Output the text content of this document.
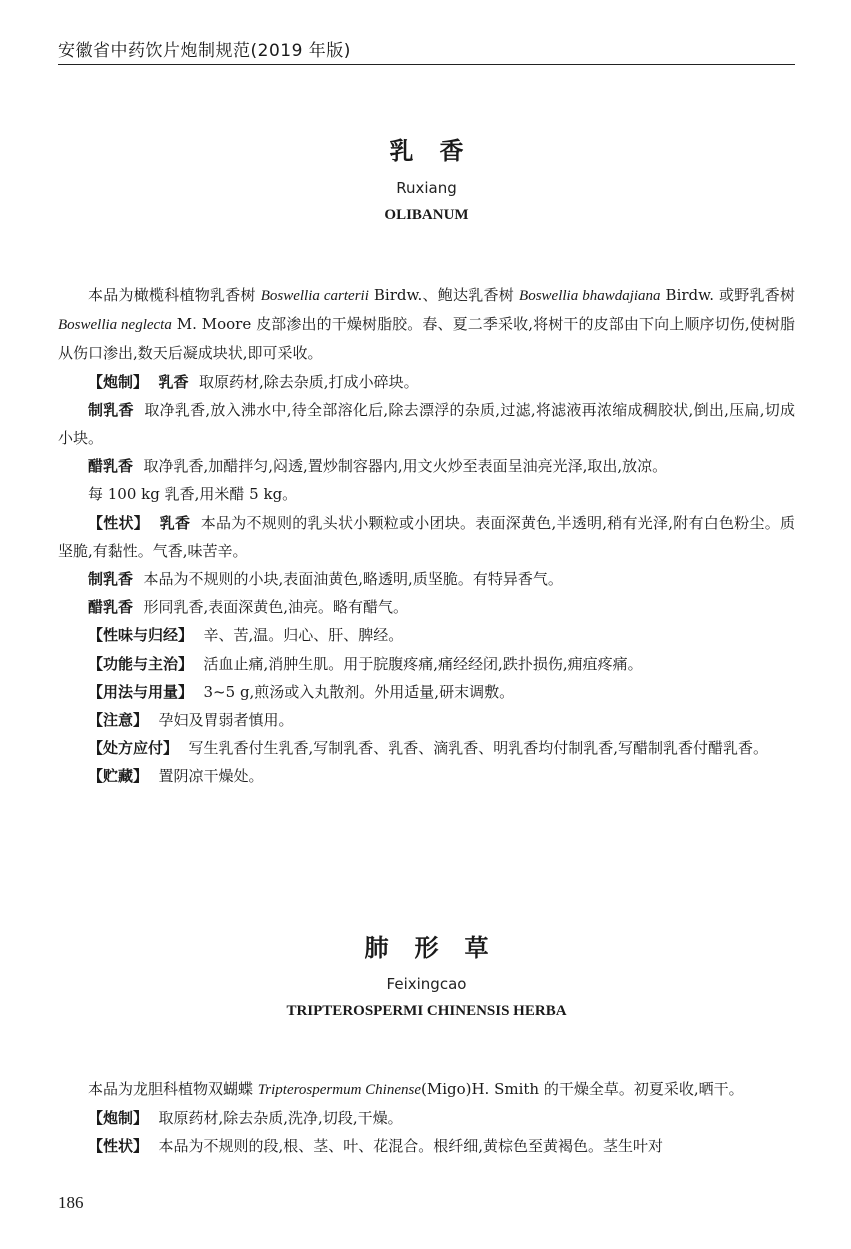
安徽省中药饮片炮制规范(2019 年版)
乳香
Ruxiang
OLIBANUM

本品为橄榄科植物乳香树 Boswellia carterii Birdw.、鲍达乳香树 Boswellia bhawdajiana Birdw. 或野乳香树 Boswellia neglecta M. Moore 皮部渗出的干燥树脂胶。春、夏二季采收,将树干的皮部由下向上顺序切伤,使树脂从伤口渗出,数天后凝成块状,即可采收。

【炮制】 乳香 取原药材,除去杂质,打成小碎块。

制乳香 取净乳香,放入沸水中,待全部溶化后,除去漂浮的杂质,过滤,将滤液再浓缩成稠胶状,倒出,压扁,切成小块。

醋乳香 取净乳香,加醋拌匀,闷透,置炒制容器内,用文火炒至表面呈油亮光泽,取出,放凉。

每 100 kg 乳香,用米醋 5 kg。

【性状】 乳香 本品为不规则的乳头状小颗粒或小团块。表面深黄色,半透明,稍有光泽,附有白色粉尘。质坚脆,有黏性。气香,味苦辛。

制乳香 本品为不规则的小块,表面油黄色,略透明,质坚脆。有特异香气。

醋乳香 形同乳香,表面深黄色,油亮。略有醋气。

【性味与归经】 辛、苦,温。归心、肝、脾经。

【功能与主治】 活血止痛,消肿生肌。用于脘腹疼痛,痛经经闭,跌扑损伤,痈疽疼痛。

【用法与用量】 3~5 g,煎汤或入丸散剂。外用适量,研末调敷。

【注意】 孕妇及胃弱者慎用。

【处方应付】 写生乳香付生乳香,写制乳香、乳香、滴乳香、明乳香均付制乳香,写醋制乳香付醋乳香。

【贮藏】 置阴凉干燥处。

肺形草
Feixingcao
TRIPTEROSPERMI CHINENSIS HERBA

本品为龙胆科植物双蝴蝶 Tripterospermum Chinense(Migo)H. Smith 的干燥全草。初夏采收,晒干。

【炮制】 取原药材,除去杂质,洗净,切段,干燥。

【性状】 本品为不规则的段,根、茎、叶、花混合。根纤细,黄棕色至黄褐色。茎生叶对

186
